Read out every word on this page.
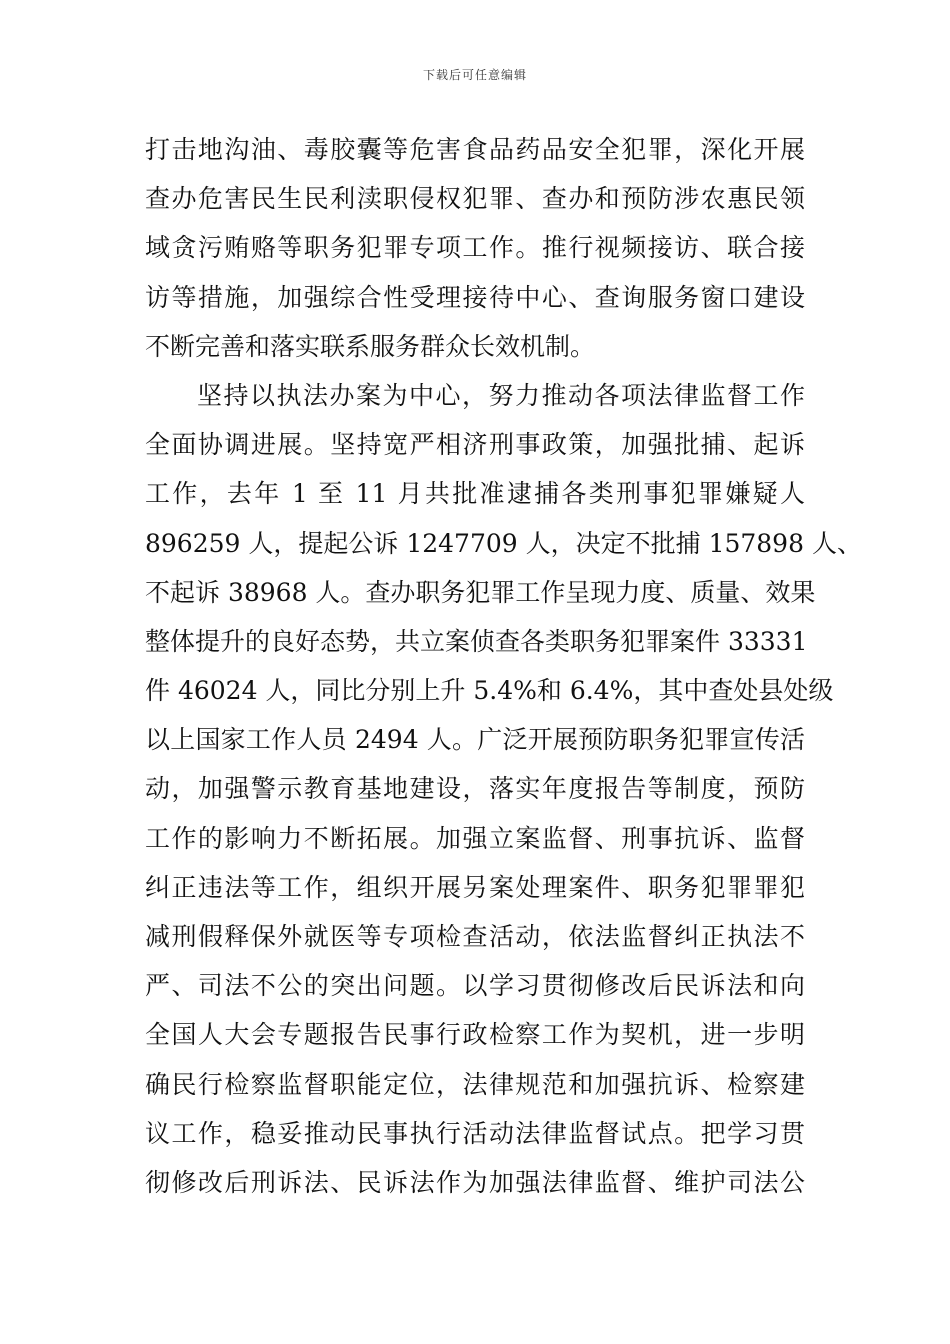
下载后可任意编辑
打击地沟油、毒胶囊等危害食品药品安全犯罪，深化开展
查办危害民生民利渎职侵权犯罪、查办和预防涉农惠民领
域贪污贿赂等职务犯罪专项工作。推行视频接访、联合接
访等措施，加强综合性受理接待中心、查询服务窗口建设
不断完善和落实联系服务群众长效机制。
坚持以执法办案为中心，努力推动各项法律监督工作
全面协调进展。坚持宽严相济刑事政策，加强批捕、起诉
工作，去年 1 至 11 月共批准逮捕各类刑事犯罪嫌疑人
896259 人，提起公诉 1247709 人，决定不批捕 157898 人、
不起诉 38968 人。查办职务犯罪工作呈现力度、质量、效果
整体提升的良好态势，共立案侦查各类职务犯罪案件 33331
件 46024 人，同比分别上升 5.4%和 6.4%，其中查处县处级
以上国家工作人员 2494 人。广泛开展预防职务犯罪宣传活
动，加强警示教育基地建设，落实年度报告等制度，预防
工作的影响力不断拓展。加强立案监督、刑事抗诉、监督
纠正违法等工作，组织开展另案处理案件、职务犯罪罪犯
减刑假释保外就医等专项检查活动，依法监督纠正执法不
严、司法不公的突出问题。以学习贯彻修改后民诉法和向
全国人大会专题报告民事行政检察工作为契机，进一步明
确民行检察监督职能定位，法律规范和加强抗诉、检察建
议工作，稳妥推动民事执行活动法律监督试点。把学习贯
彻修改后刑诉法、民诉法作为加强法律监督、维护司法公
